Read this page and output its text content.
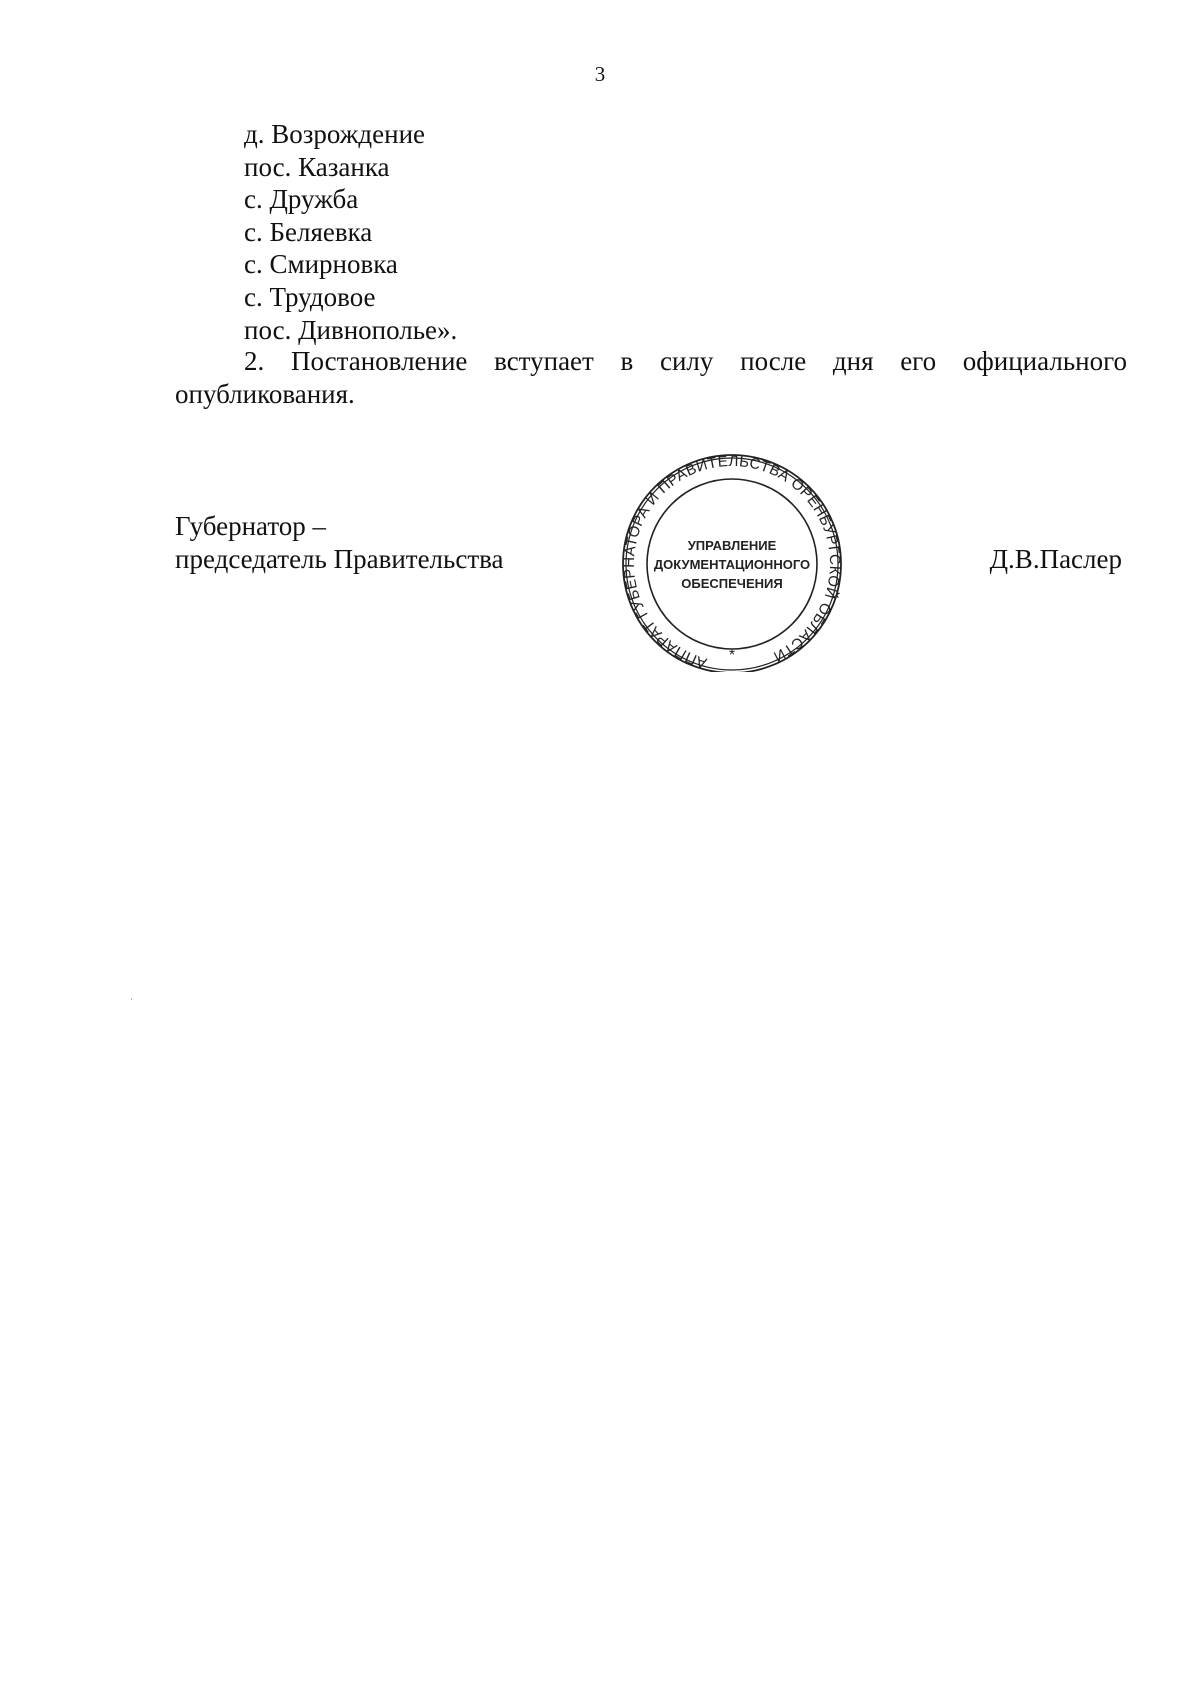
3
д. Возрождение
пос. Казанка
с. Дружба
с. Беляевка
с. Смирновка
с. Трудовое
пос. Дивнополье».

2. Постановление вступает в силу после дня его официального опубликования.

Губернатор –
председатель Правительства
АППАРАТ ГУБЕРНАТОРА И ПРАВИТЕЛЬСТВА ОРЕНБУРГСКОЙ ОБЛАСТИ
*
УПРАВЛЕНИЕ
ДОКУМЕНТАЦИОННОГО
ОБЕСПЕЧЕНИЯ
Д.В.Паслер
